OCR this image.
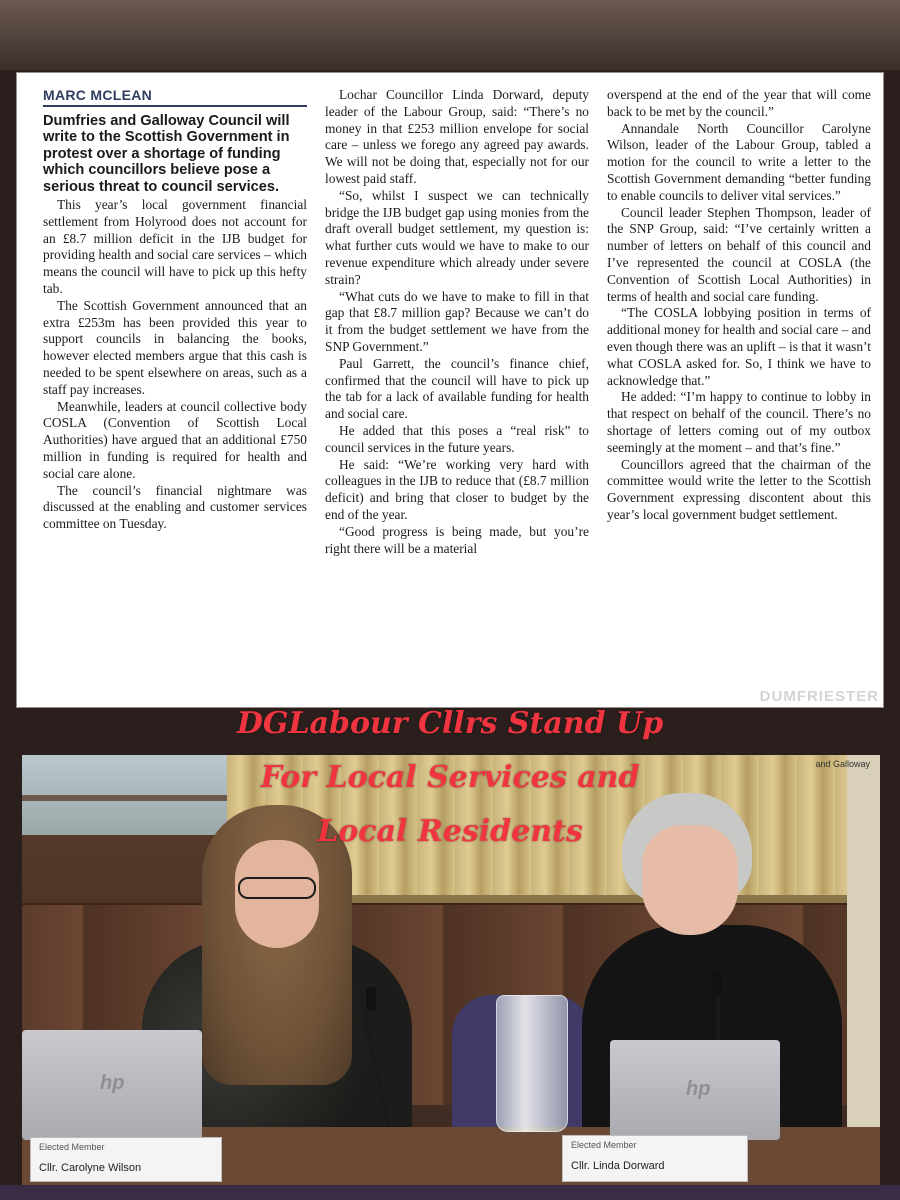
MARC MCLEAN

Dumfries and Galloway Council will write to the Scottish Government in protest over a shortage of funding which councillors believe pose a serious threat to council services.

This year’s local government financial settlement from Holyrood does not account for an £8.7 million deficit in the IJB budget for providing health and social care services – which means the council will have to pick up this hefty tab.

The Scottish Government announced that an extra £253m has been provided this year to support councils in balancing the books, however elected members argue that this cash is needed to be spent elsewhere on areas, such as a staff pay increases.

Meanwhile, leaders at council collective body COSLA (Convention of Scottish Local Authorities) have argued that an additional £750 million in funding is required for health and social care alone.

The council’s financial nightmare was discussed at the enabling and customer services committee on Tuesday.

Lochar Councillor Linda Dorward, deputy leader of the Labour Group, said: “There’s no money in that £253 million envelope for social care – unless we forego any agreed pay awards. We will not be doing that, especially not for our lowest paid staff.

“So, whilst I suspect we can technically bridge the IJB budget gap using monies from the draft overall budget settlement, my question is: what further cuts would we have to make to our revenue expenditure which already under severe strain?

“What cuts do we have to make to fill in that gap that £8.7 million gap? Because we can’t do it from the budget settlement we have from the SNP Government.”

Paul Garrett, the council’s finance chief, confirmed that the council will have to pick up the tab for a lack of available funding for health and social care.

He added that this poses a “real risk” to council services in the future years.

He said: “We’re working very hard with colleagues in the IJB to reduce that (£8.7 million deficit) and bring that closer to budget by the end of the year.

“Good progress is being made, but you’re right there will be a material

overspend at the end of the year that will come back to be met by the council.”

Annandale North Councillor Carolyne Wilson, leader of the Labour Group, tabled a motion for the council to write a letter to the Scottish Government demanding “better funding to enable councils to deliver vital services.”

Council leader Stephen Thompson, leader of the SNP Group, said: “I’ve certainly written a number of letters on behalf of this council and I’ve represented the council at COSLA (the Convention of Scottish Local Authorities) in terms of health and social care funding.

“The COSLA lobbying position in terms of additional money for health and social care – and even though there was an uplift – is that it wasn’t what COSLA asked for. So, I think we have to acknowledge that.”

He added: “I’m happy to continue to lobby in that respect on behalf of the council. There’s no shortage of letters coming out of my outbox seemingly at the moment – and that’s fine.”

Councillors agreed that the chairman of the committee would write the letter to the Scottish Government expressing discontent about this year’s local government budget settlement.

DUMFRIESTER
and Galloway
hp	hp
Elected Member
Cllr. Carolyne Wilson
Elected Member
Cllr. Linda Dorward
DGLabour Cllrs Stand Up
For Local Services and
Local Residents
